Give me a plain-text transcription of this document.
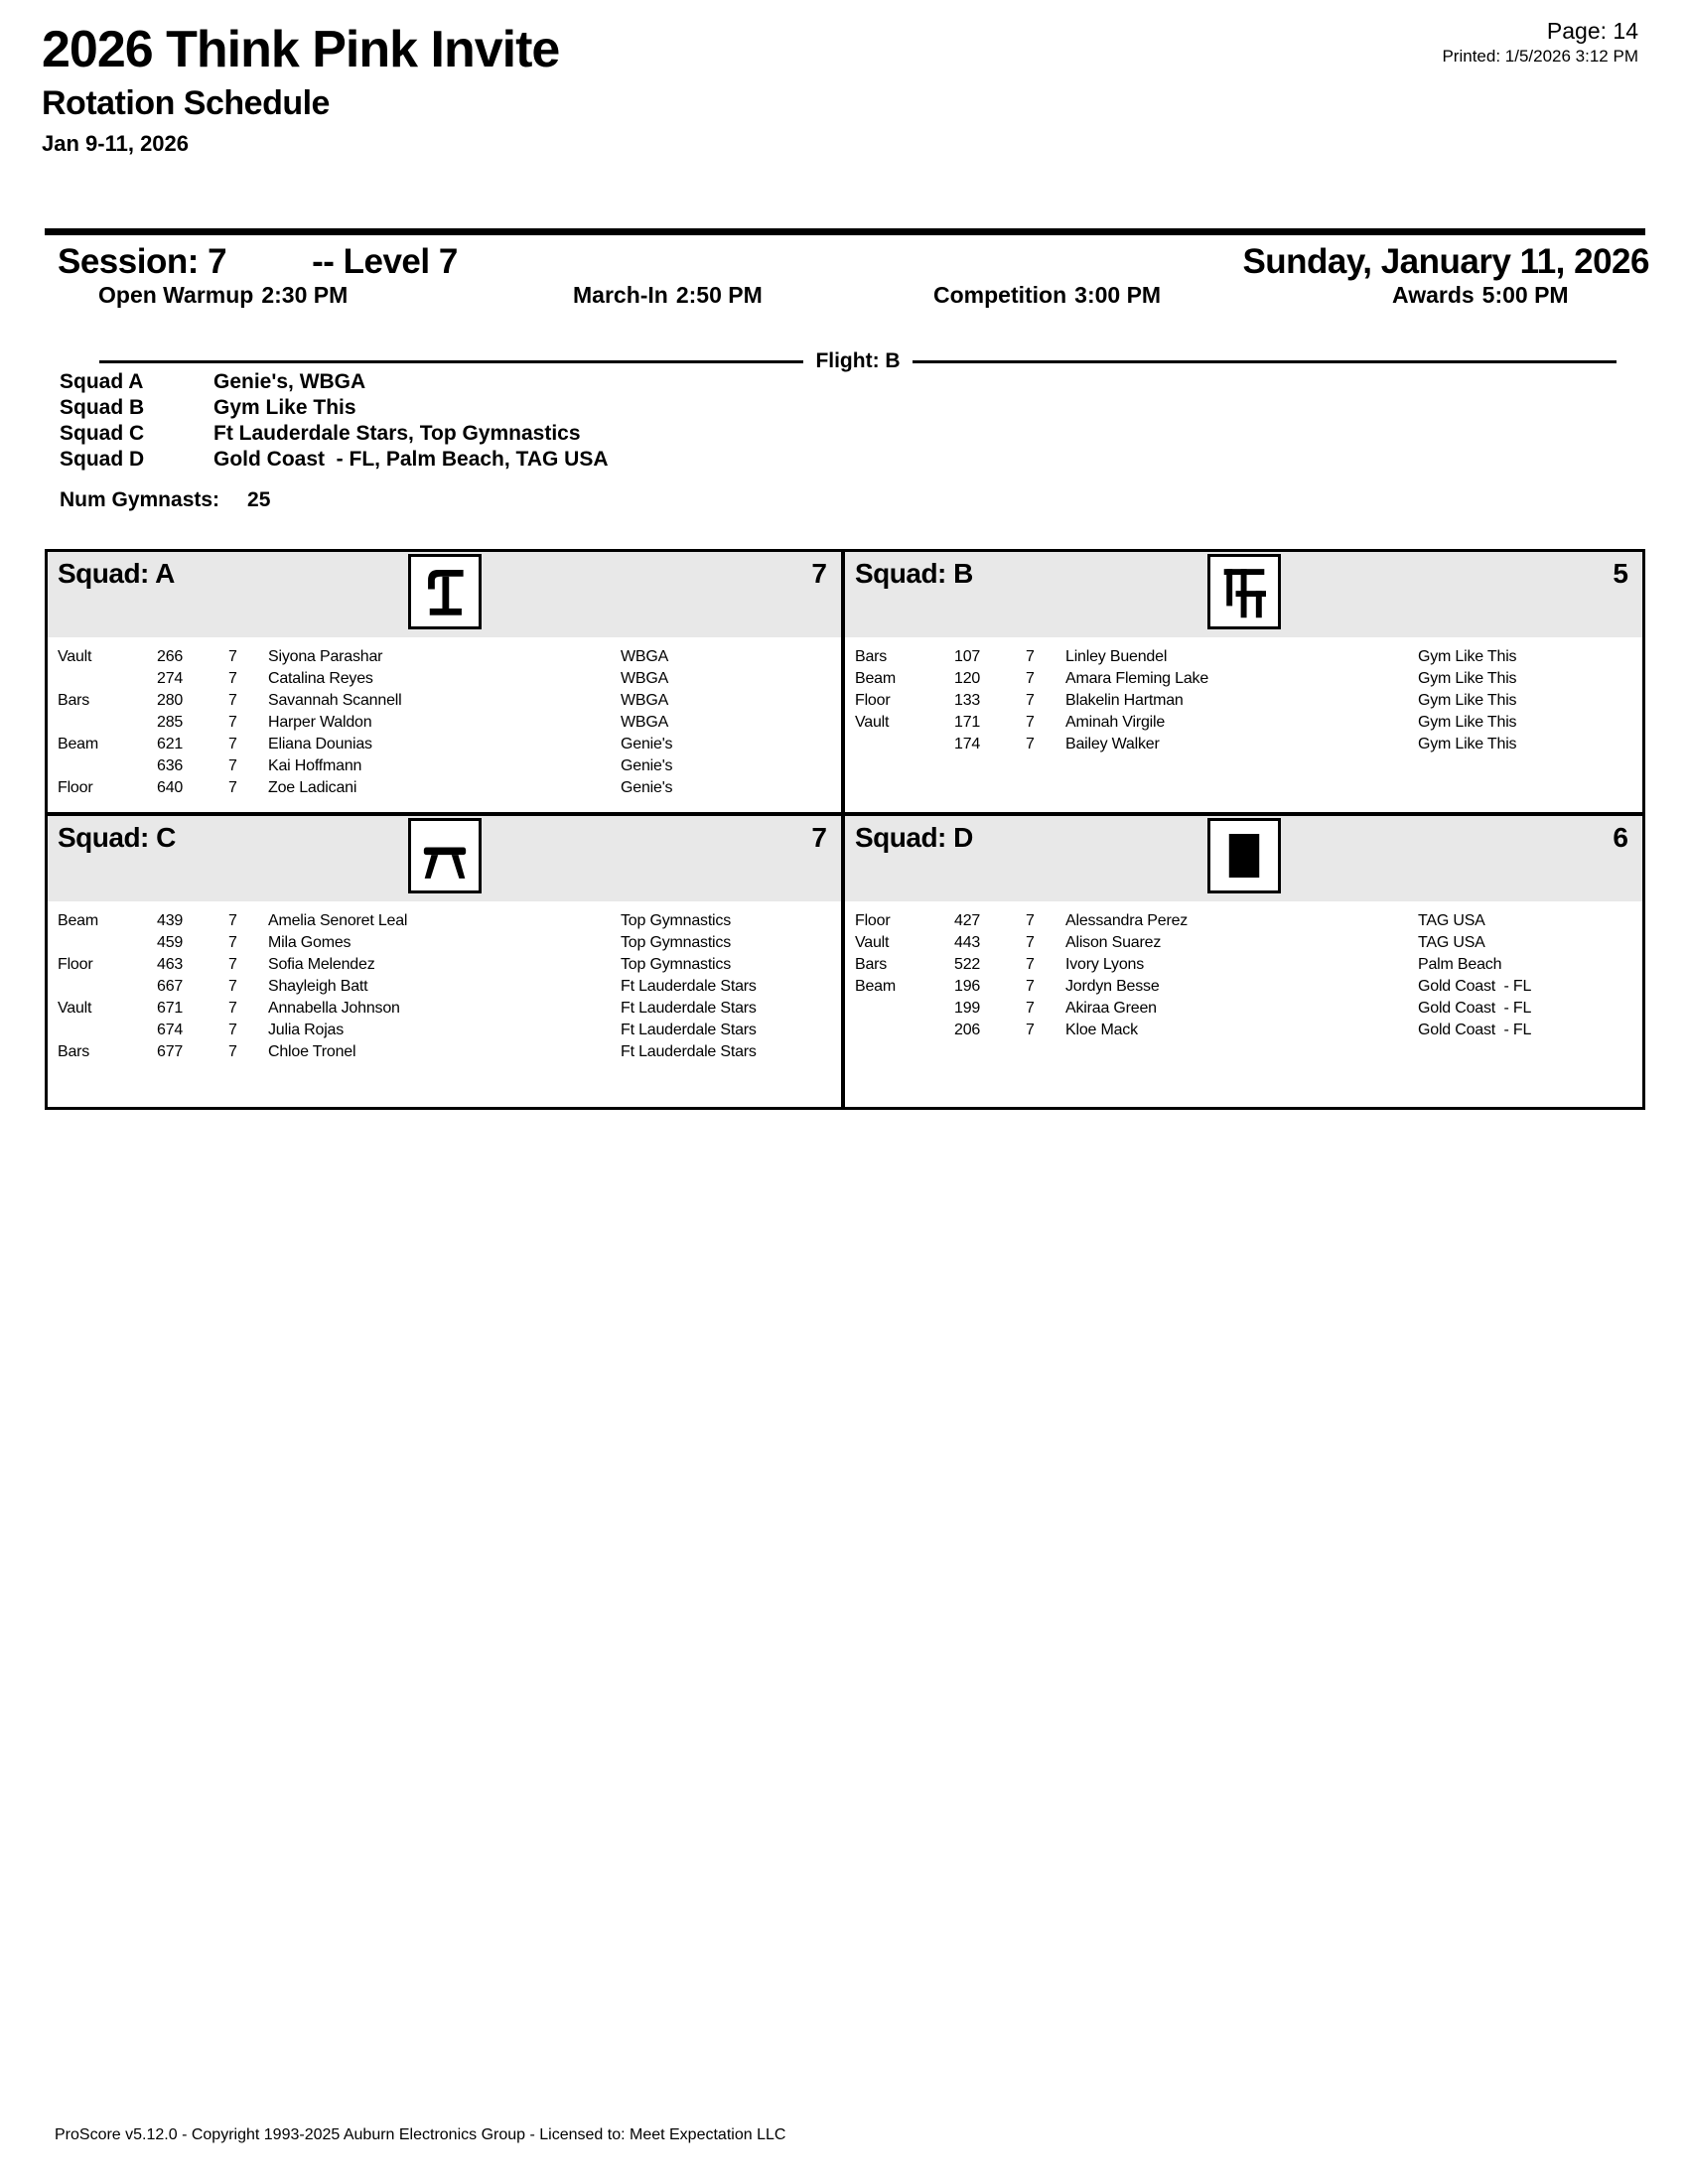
2026 Think Pink Invite
Rotation Schedule
Jan 9-11, 2026
Page: 14
Printed: 1/5/2026 3:12 PM
Session: 7 -- Level 7	Sunday, January 11, 2026
Open Warmup 2:30 PM	March-In 2:50 PM	Competition 3:00 PM	Awards 5:00 PM
Flight: B
Squad A	Genie's, WBGA
Squad B	Gym Like This
Squad C	Ft Lauderdale Stars, Top Gymnastics
Squad D	Gold Coast  - FL, Palm Beach, TAG USA
Num Gymnasts: 25
Squad: A	7
Vault	266	7	Siyona Parashar	WBGA
274	7	Catalina Reyes	WBGA
Bars	280	7	Savannah Scannell	WBGA
285	7	Harper Waldon	WBGA
Beam	621	7	Eliana Dounias	Genie's
636	7	Kai Hoffmann	Genie's
Floor	640	7	Zoe Ladicani	Genie's
Squad: B	5
Bars	107	7	Linley Buendel	Gym Like This
Beam	120	7	Amara Fleming Lake	Gym Like This
Floor	133	7	Blakelin Hartman	Gym Like This
Vault	171	7	Aminah Virgile	Gym Like This
174	7	Bailey Walker	Gym Like This
Squad: C	7
Beam	439	7	Amelia Senoret Leal	Top Gymnastics
459	7	Mila Gomes	Top Gymnastics
Floor	463	7	Sofia Melendez	Top Gymnastics
667	7	Shayleigh Batt	Ft Lauderdale Stars
Vault	671	7	Annabella Johnson	Ft Lauderdale Stars
674	7	Julia Rojas	Ft Lauderdale Stars
Bars	677	7	Chloe Tronel	Ft Lauderdale Stars
Squad: D	6
Floor	427	7	Alessandra Perez	TAG USA
Vault	443	7	Alison Suarez	TAG USA
Bars	522	7	Ivory Lyons	Palm Beach
Beam	196	7	Jordyn Besse	Gold Coast  - FL
199	7	Akiraa Green	Gold Coast  - FL
206	7	Kloe Mack	Gold Coast  - FL
ProScore v5.12.0 - Copyright 1993-2025 Auburn Electronics Group - Licensed to: Meet Expectation LLC
